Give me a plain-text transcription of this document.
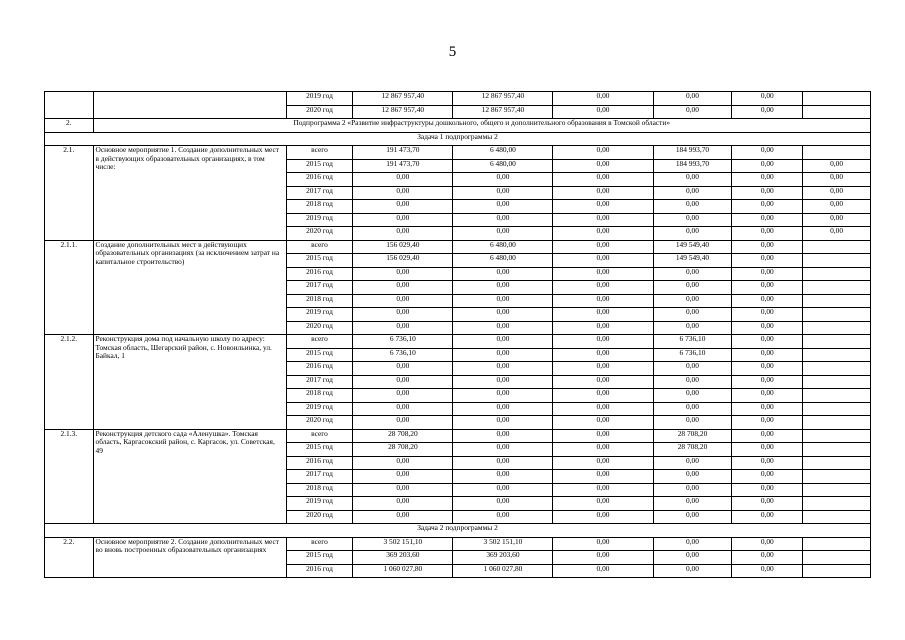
5
		2019 год	12 867 957,40	12 867 957,40	0,00	0,00	0,00	
		2020 год	12 867 957,40	12 867 957,40	0,00	0,00	0,00	
2.	Подпрограмма 2 «Развитие инфраструктуры дошкольного, общего и дополнительного образования в Томской области»							
Задача 1 подпрограммы 2								
2.1.	Основное мероприятие 1. Создание дополнительных мест в действующих образовательных организациях, в том числе:	всего	191 473,70	6 480,00	0,00	184 993,70	0,00	
		2015 год	191 473,70	6 480,00	0,00	184 993,70	0,00	0,00
		2016 год	0,00	0,00	0,00	0,00	0,00	0,00
		2017 год	0,00	0,00	0,00	0,00	0,00	0,00
		2018 год	0,00	0,00	0,00	0,00	0,00	0,00
		2019 год	0,00	0,00	0,00	0,00	0,00	0,00
		2020 год	0,00	0,00	0,00	0,00	0,00	0,00
2.1.1.	Создание дополнительных мест в действующих образовательных организациях (за исключением затрат на капитальное строительство)	всего	156 029,40	6 480,00	0,00	149 549,40	0,00	
		2015 год	156 029,40	6 480,00	0,00	149 549,40	0,00	
		2016 год	0,00	0,00	0,00	0,00	0,00	
		2017 год	0,00	0,00	0,00	0,00	0,00	
		2018 год	0,00	0,00	0,00	0,00	0,00	
		2019 год	0,00	0,00	0,00	0,00	0,00	
		2020 год	0,00	0,00	0,00	0,00	0,00	
2.1.2.	Реконструкция дома под начальную школу по адресу: Томская область, Шегарский район, с. Новоильинка, ул. Байкал, 1	всего	6 736,10	0,00	0,00	6 736,10	0,00	
		2015 год	6 736,10	0,00	0,00	6 736,10	0,00	
		2016 год	0,00	0,00	0,00	0,00	0,00	
		2017 год	0,00	0,00	0,00	0,00	0,00	
		2018 год	0,00	0,00	0,00	0,00	0,00	
		2019 год	0,00	0,00	0,00	0,00	0,00	
		2020 год	0,00	0,00	0,00	0,00	0,00	
2.1.3.	Реконструкция детского сада «Аленушка». Томская область, Каргасокский район, с. Каргасок, ул. Советская, 49	всего	28 708,20	0,00	0,00	28 708,20	0,00	
		2015 год	28 708,20	0,00	0,00	28 708,20	0,00	
		2016 год	0,00	0,00	0,00	0,00	0,00	
		2017 год	0,00	0,00	0,00	0,00	0,00	
		2018 год	0,00	0,00	0,00	0,00	0,00	
		2019 год	0,00	0,00	0,00	0,00	0,00	
		2020 год	0,00	0,00	0,00	0,00	0,00	
Задача 2 подпрограммы 2								
2.2.	Основное мероприятие 2. Создание дополнительных мест во вновь построенных образовательных организациях	всего	3 502 151,10	3 502 151,10	0,00	0,00	0,00	
		2015 год	369 203,60	369 203,60	0,00	0,00	0,00	
		2016 год	1 060 027,80	1 060 027,80	0,00	0,00	0,00	
